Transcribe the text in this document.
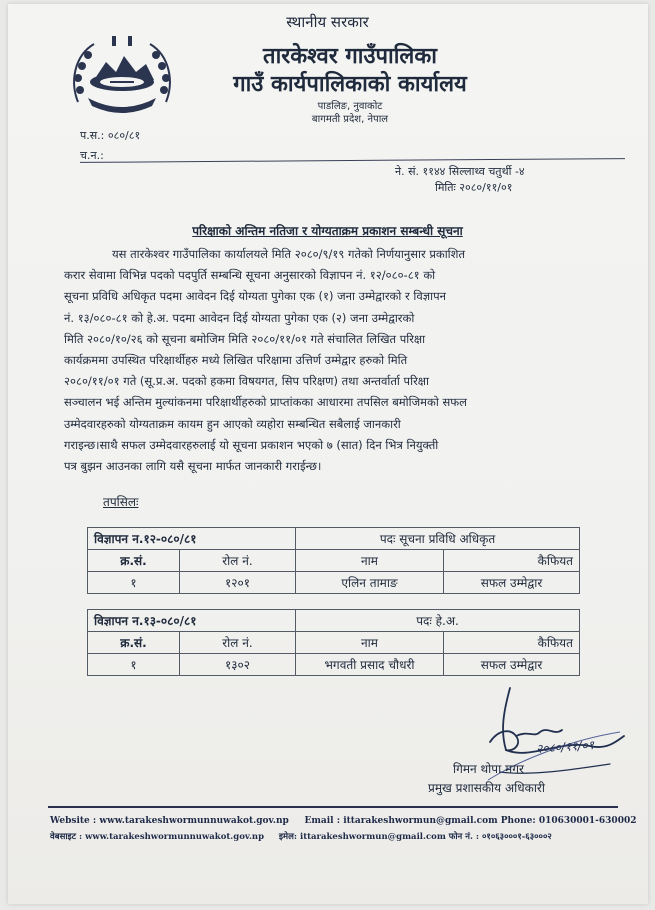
स्थानीय सरकार
तारकेश्वर गाउँपालिका
गाउँ कार्यपालिकाको कार्यालय
पाडलिङ, नुवाकोट
बागमती प्रदेश, नेपाल
प.स.: ०८०/८१
च.न.:
ने. सं. ११४४ सिल्लाथ्व चतुर्थी -४
मितिः २०८०/११/०१
परिक्षाको अन्तिम नतिजा र योग्यताक्रम प्रकाशन सम्बन्धी सूचना
यस तारकेश्वर गाउँपालिका कार्यालयले मिति २०८०/९/१९ गतेको निर्णयानुसार प्रकाशित
करार सेवामा विभिन्न पदको पदपुर्ति सम्बन्धि सूचना अनुसारको विज्ञापन नं. १२/०८०-८१ को
सूचना प्रविधि अधिकृत पदमा आवेदन दिई योग्यता पुगेका एक (१) जना उम्मेद्वारको र विज्ञापन
नं. १३/०८०-८१ को हे.अ. पदमा आवेदन दिई योग्यता पुगेका एक (२) जना उम्मेद्वारको
मिति २०८०/१०/२६ को सूचना बमोजिम मिति २०८०/११/०१ गते संचालित लिखित परिक्षा
कार्यक्रममा उपस्थित परिक्षार्थीहरु मध्ये लिखित परिक्षामा उत्तिर्ण उम्मेद्वार हरुको मिति
२०८०/११/०१ गते (सू.प्र.अ. पदको हकमा विषयगत, सिप परिक्षण) तथा अन्तर्वार्ता परिक्षा
सञ्चालन भई अन्तिम मुल्यांकनमा परिक्षार्थीहरुको प्राप्तांकका आधारमा तपसिल बमोजिमको सफल
उम्मेदवारहरुको योग्यताक्रम कायम हुन आएको व्यहोरा सम्बन्धित सबैलाई जानकारी
गराइन्छ।साथै सफल उम्मेदवारहरुलाई यो सूचना प्रकाशन भएको ७ (सात) दिन भित्र नियुक्ती
पत्र बुझन आउनका लागि यसै सूचना मार्फत जानकारी गराईन्छ।
तपसिलः
विज्ञापन न.१२-०८०/८१		पदः सूचना प्रविधि अधिकृत	
क्र.सं.	रोल नं.	नाम	कैफियत
१	१२०१	एलिन तामाङ	सफल उम्मेद्वार
विज्ञापन न.१३-०८०/८१		पदः हे.अ.	
क्र.सं.	रोल नं.	नाम	कैफियत
१	१३०२	भगवती प्रसाद चौधरी	सफल उम्मेद्वार
२०८०/११/०१
गिमन थोपा मगर
प्रमुख प्रशासकीय अधिकारी
Website : www.tarakeshwormunnuwakot.gov.np Email : ittarakeshwormun@gmail.com Phone: 010630001-630002
वेबसाइट : www.tarakeshwormunnuwakot.gov.np इमेल: ittarakeshwormun@gmail.com फोन नं. : ०१०६३०००१-६३०००२
